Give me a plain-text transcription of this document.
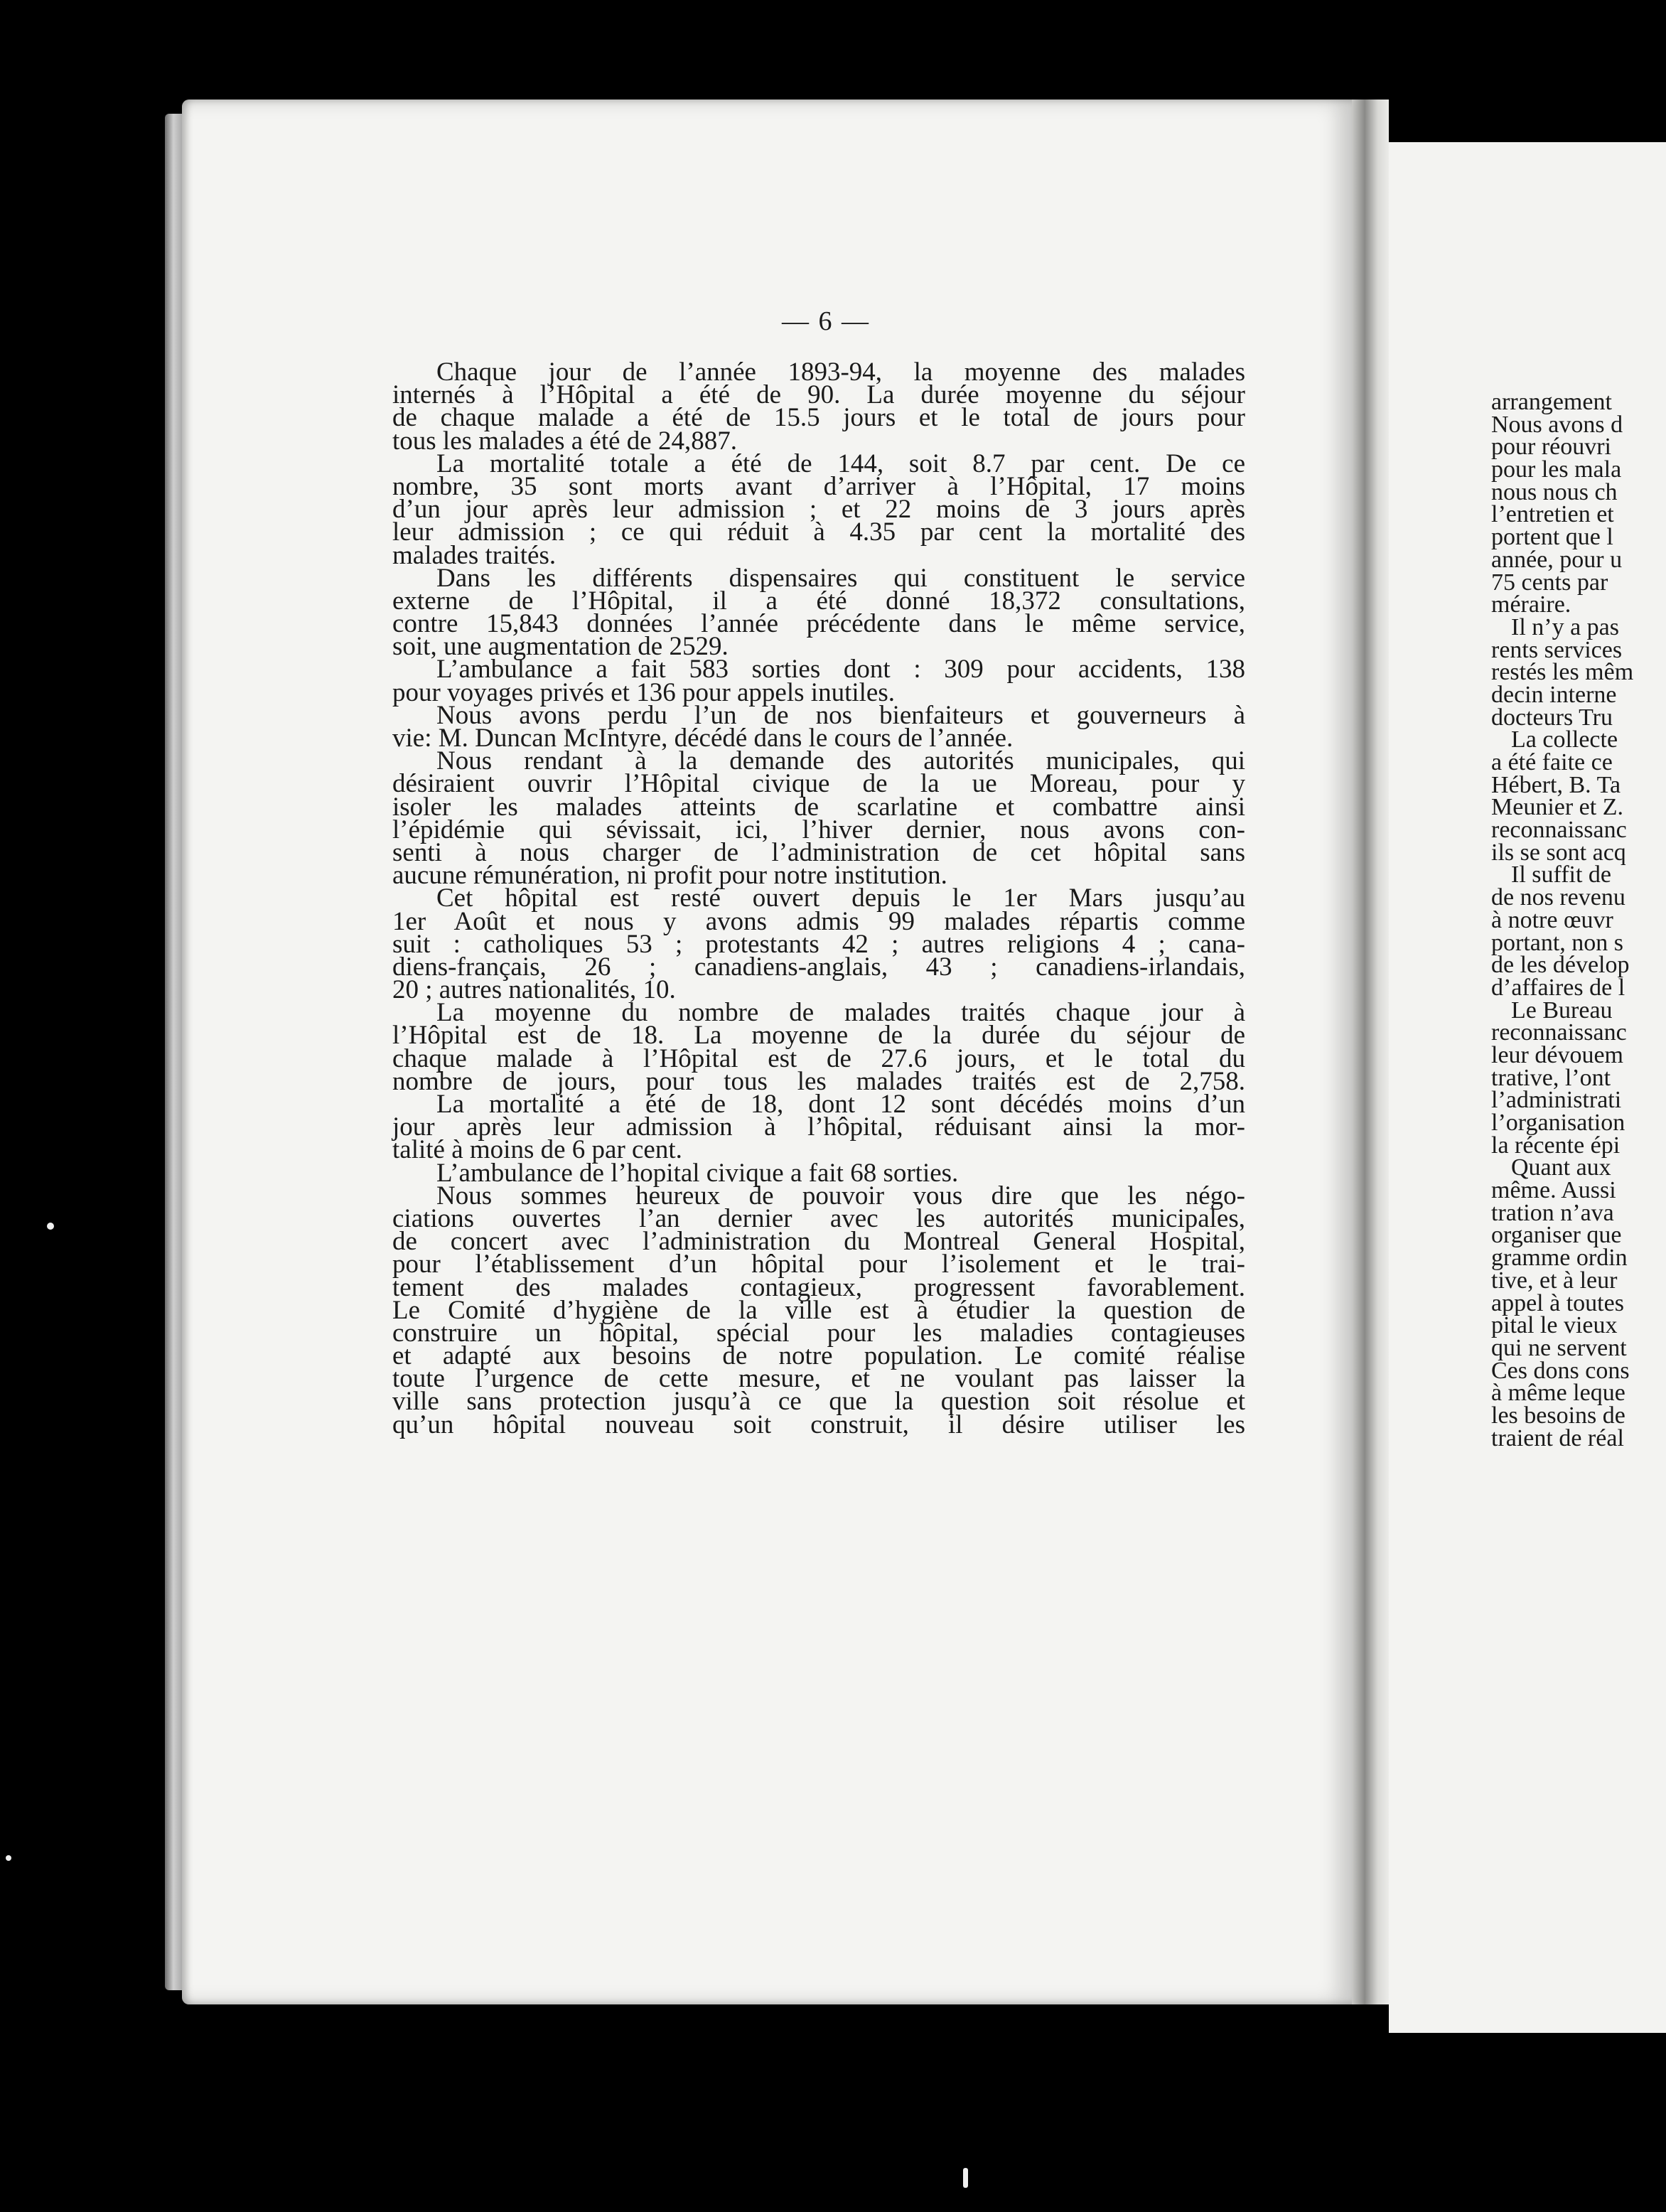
— 6 —
Chaque jour de l’année 1893-94, la moyenne des malades
internés à l’Hôpital a été de 90. La durée moyenne du séjour
de chaque malade a été de 15.5 jours et le total de jours pour
tous les malades a été de 24,887.
La mortalité totale a été de 144, soit 8.7 par cent. De ce
nombre, 35 sont morts avant d’arriver à l’Hôpital, 17 moins
d’un jour après leur admission ; et 22 moins de 3 jours après
leur admission ; ce qui réduit à 4.35 par cent la mortalité des
malades traités.
Dans les différents dispensaires qui constituent le service
externe de l’Hôpital, il a été donné 18,372 consultations,
contre 15,843 données l’année précédente dans le même service,
soit, une augmentation de 2529.
L’ambulance a fait 583 sorties dont : 309 pour accidents, 138
pour voyages privés et 136 pour appels inutiles.
Nous avons perdu l’un de nos bienfaiteurs et gouverneurs à
vie: M. Duncan McIntyre, décédé dans le cours de l’année.
Nous rendant à la demande des autorités municipales, qui
désiraient ouvrir l’Hôpital civique de la ue Moreau, pour y
isoler les malades atteints de scarlatine et combattre ainsi
l’épidémie qui sévissait, ici, l’hiver dernier, nous avons con-
senti à nous charger de l’administration de cet hôpital sans
aucune rémunération, ni profit pour notre institution.
Cet hôpital est resté ouvert depuis le 1er Mars jusqu’au
1er Août et nous y avons admis 99 malades répartis comme
suit : catholiques 53 ; protestants 42 ; autres religions 4 ; cana-
diens-français, 26 ; canadiens-anglais, 43 ; canadiens-irlandais,
20 ; autres nationalités, 10.
La moyenne du nombre de malades traités chaque jour à
l’Hôpital est de 18. La moyenne de la durée du séjour de
chaque malade à l’Hôpital est de 27.6 jours, et le total du
nombre de jours, pour tous les malades traités est de 2,758.
La mortalité a été de 18, dont 12 sont décédés moins d’un
jour après leur admission à l’hôpital, réduisant ainsi la mor-
talité à moins de 6 par cent.
L’ambulance de l’hopital civique a fait 68 sorties.
Nous sommes heureux de pouvoir vous dire que les négo-
ciations ouvertes l’an dernier avec les autorités municipales,
de concert avec l’administration du Montreal General Hospital,
pour l’établissement d’un hôpital pour l’isolement et le trai-
tement des malades contagieux, progressent favorablement.
Le Comité d’hygiène de la ville est à étudier la question de
construire un hôpital, spécial pour les maladies contagieuses
et adapté aux besoins de notre population. Le comité réalise
toute l’urgence de cette mesure, et ne voulant pas laisser la
ville sans protection jusqu’à ce que la question soit résolue et
qu’un hôpital nouveau soit construit, il désire utiliser les
arrangement
Nous avons d
pour réouvri
pour les mala
nous nous ch
l’entretien et
portent que l
année, pour u
75 cents par
méraire.
Il n’y a pas
rents services
restés les mêm
decin interne
docteurs Tru
La collecte
a été faite ce
Hébert, B. Ta
Meunier et Z.
reconnaissanc
ils se sont acq
Il suffit de
de nos revenu
à notre œuvr
portant, non s
de les dévelop
d’affaires de l
Le Bureau
reconnaissanc
leur dévouem
trative, l’ont
l’administrati
l’organisation
la récente épi
Quant aux
même. Aussi
tration n’ava
organiser que
gramme ordin
tive, et à leur
appel à toutes
pital le vieux
qui ne servent
Ces dons cons
à même leque
les besoins de
traient de réal
